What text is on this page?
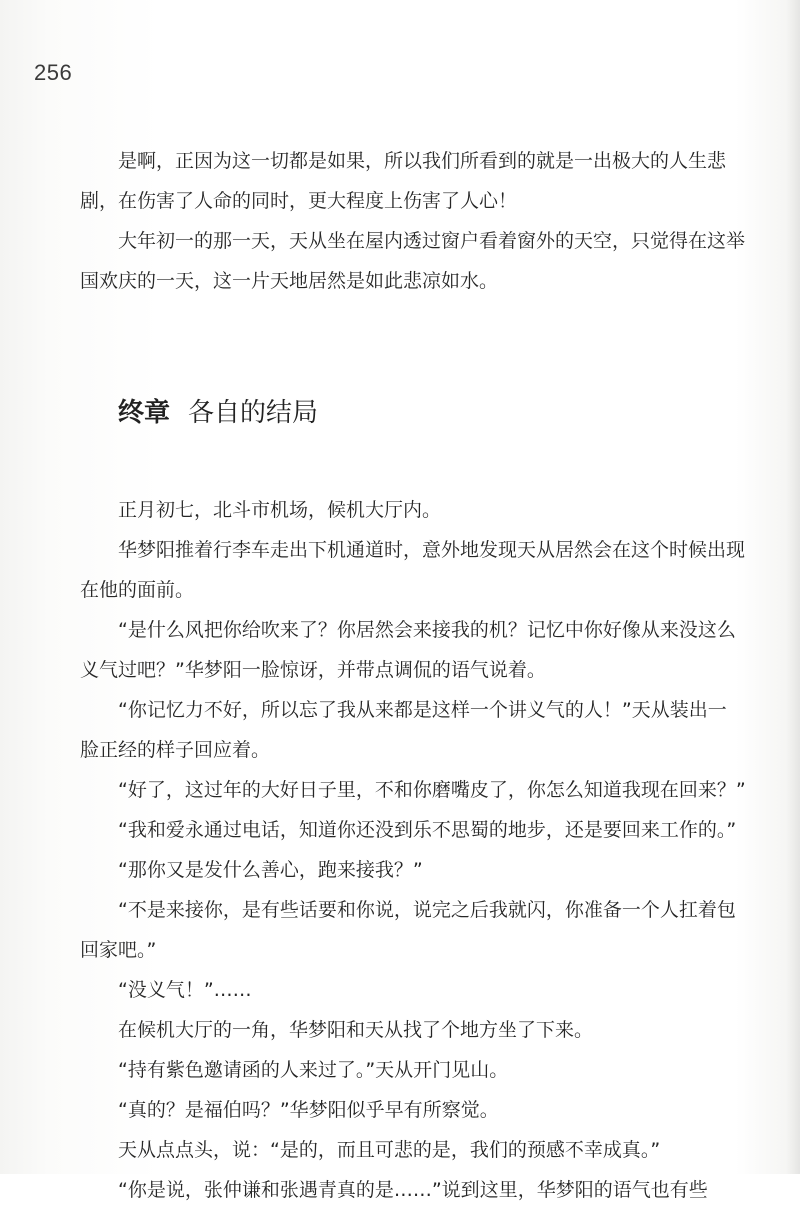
256
是啊，正因为这一切都是如果，所以我们所看到的就是一出极大的人生悲
剧，在伤害了人命的同时，更大程度上伤害了人心！
大年初一的那一天，天从坐在屋内透过窗户看着窗外的天空，只觉得在这举
国欢庆的一天，这一片天地居然是如此悲凉如水。
终章 各自的结局
正月初七，北斗市机场，候机大厅内。
华梦阳推着行李车走出下机通道时，意外地发现天从居然会在这个时候出现
在他的面前。
“是什么风把你给吹来了？你居然会来接我的机？记忆中你好像从来没这么
义气过吧？”华梦阳一脸惊讶，并带点调侃的语气说着。
“你记忆力不好，所以忘了我从来都是这样一个讲义气的人！”天从装出一
脸正经的样子回应着。
“好了，这过年的大好日子里，不和你磨嘴皮了，你怎么知道我现在回来？”
“我和爱永通过电话，知道你还没到乐不思蜀的地步，还是要回来工作的。”
“那你又是发什么善心，跑来接我？”
“不是来接你，是有些话要和你说，说完之后我就闪，你准备一个人扛着包
回家吧。”
“没义气！”……
在候机大厅的一角，华梦阳和天从找了个地方坐了下来。
“持有紫色邀请函的人来过了。”天从开门见山。
“真的？是福伯吗？”华梦阳似乎早有所察觉。
天从点点头，说：“是的，而且可悲的是，我们的预感不幸成真。”
“你是说，张仲谦和张遇青真的是……”说到这里，华梦阳的语气也有些
